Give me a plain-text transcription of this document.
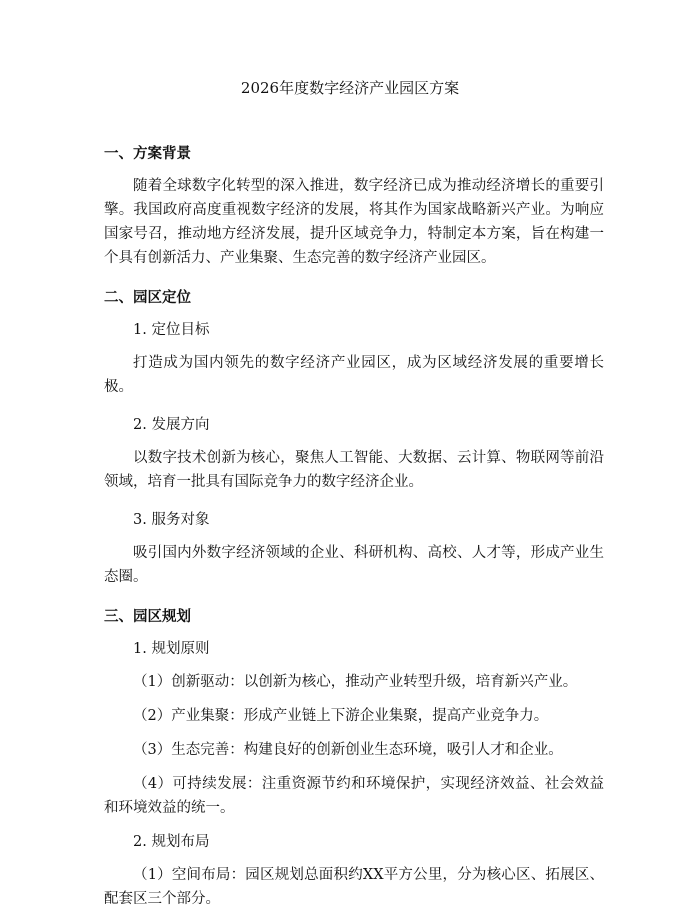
2026年度数字经济产业园区方案
一、方案背景

随着全球数字化转型的深入推进，数字经济已成为推动经济增长的重要引擎。我国政府高度重视数字经济的发展，将其作为国家战略新兴产业。为响应国家号召，推动地方经济发展，提升区域竞争力，特制定本方案，旨在构建一个具有创新活力、产业集聚、生态完善的数字经济产业园区。

二、园区定位
1. 定位目标

打造成为国内领先的数字经济产业园区，成为区域经济发展的重要增长极。

2. 发展方向

以数字技术创新为核心，聚焦人工智能、大数据、云计算、物联网等前沿领域，培育一批具有国际竞争力的数字经济企业。

3. 服务对象

吸引国内外数字经济领域的企业、科研机构、高校、人才等，形成产业生态圈。

三、园区规划
1. 规划原则

（1）创新驱动：以创新为核心，推动产业转型升级，培育新兴产业。

（2）产业集聚：形成产业链上下游企业集聚，提高产业竞争力。

（3）生态完善：构建良好的创新创业生态环境，吸引人才和企业。

（4）可持续发展：注重资源节约和环境保护，实现经济效益、社会效益和环境效益的统一。

2. 规划布局

（1）空间布局：园区规划总面积约XX平方公里，分为核心区、拓展区、配套区三个部分。
